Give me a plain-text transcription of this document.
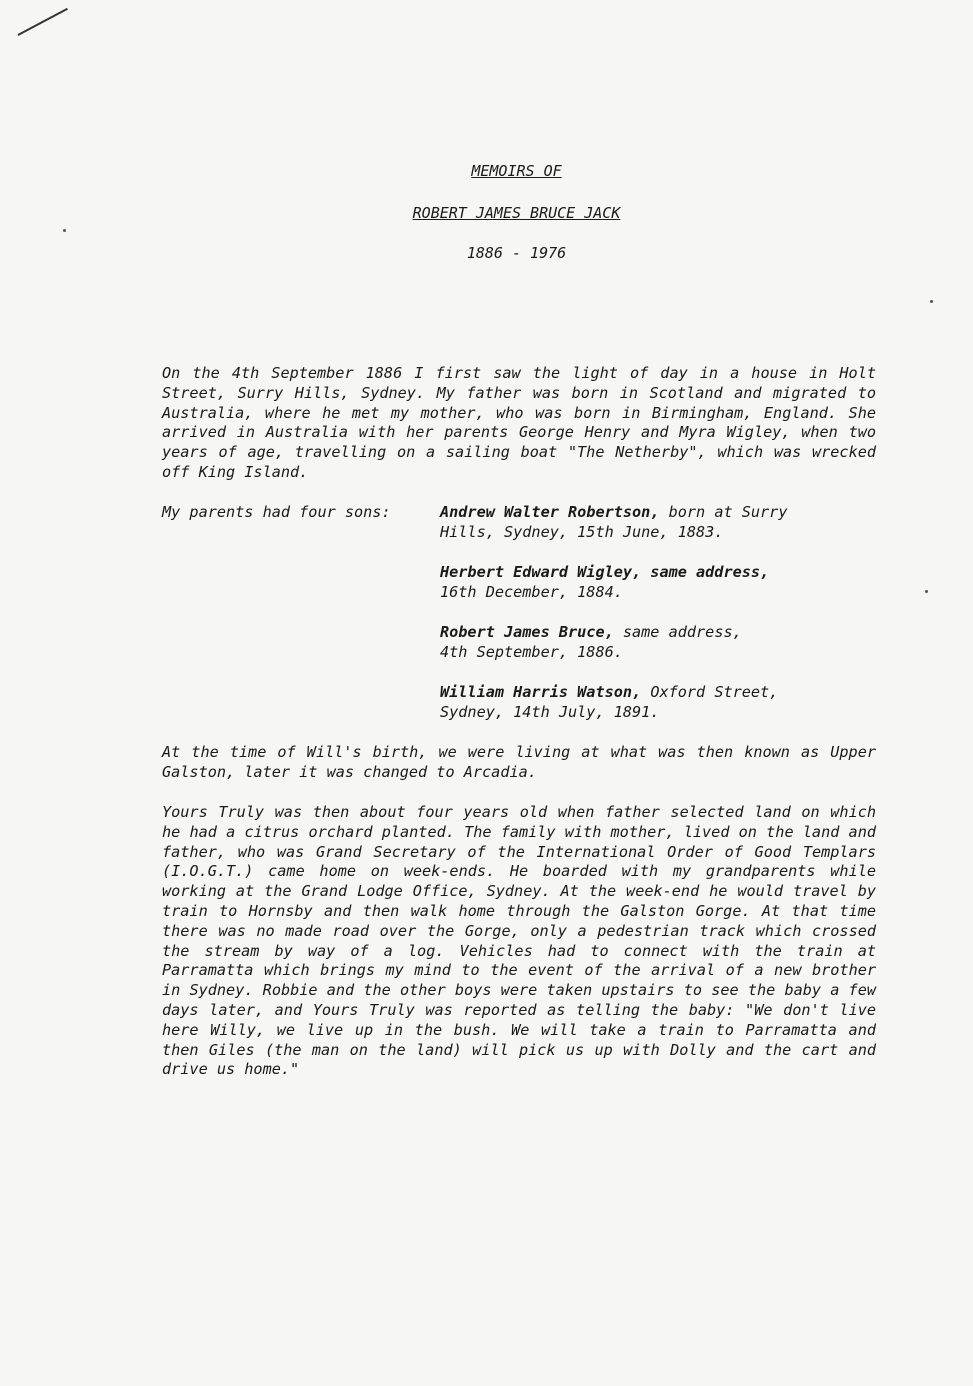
MEMOIRS OF
ROBERT JAMES BRUCE JACK
1886 - 1976
On the 4th September 1886 I first saw the light of day in a house in Holt Street, Surry Hills, Sydney. My father was born in Scotland and migrated to Australia, where he met my mother, who was born in Birmingham, England. She arrived in Australia with her parents George Henry and Myra Wigley, when two years of age, travelling on a sailing boat "The Netherby", which was wrecked off King Island.
My parents had four sons:	Andrew Walter Robertson, born at Surry
Hills, Sydney, 15th June, 1883.
Herbert Edward Wigley, same address,
16th December, 1884.
Robert James Bruce, same address,
4th September, 1886.
William Harris Watson, Oxford Street,
Sydney, 14th July, 1891.
At the time of Will's birth, we were living at what was then known as Upper Galston, later it was changed to Arcadia.
Yours Truly was then about four years old when father selected land on which he had a citrus orchard planted. The family with mother, lived on the land and father, who was Grand Secretary of the International Order of Good Templars (I.O.G.T.) came home on week-ends. He boarded with my grandparents while working at the Grand Lodge Office, Sydney. At the week-end he would travel by train to Hornsby and then walk home through the Galston Gorge. At that time there was no made road over the Gorge, only a pedestrian track which crossed the stream by way of a log. Vehicles had to connect with the train at Parramatta which brings my mind to the event of the arrival of a new brother in Sydney. Robbie and the other boys were taken upstairs to see the baby a few days later, and Yours Truly was reported as telling the baby: "We don't live here Willy, we live up in the bush. We will take a train to Parramatta and then Giles (the man on the land) will pick us up with Dolly and the cart and drive us home."
